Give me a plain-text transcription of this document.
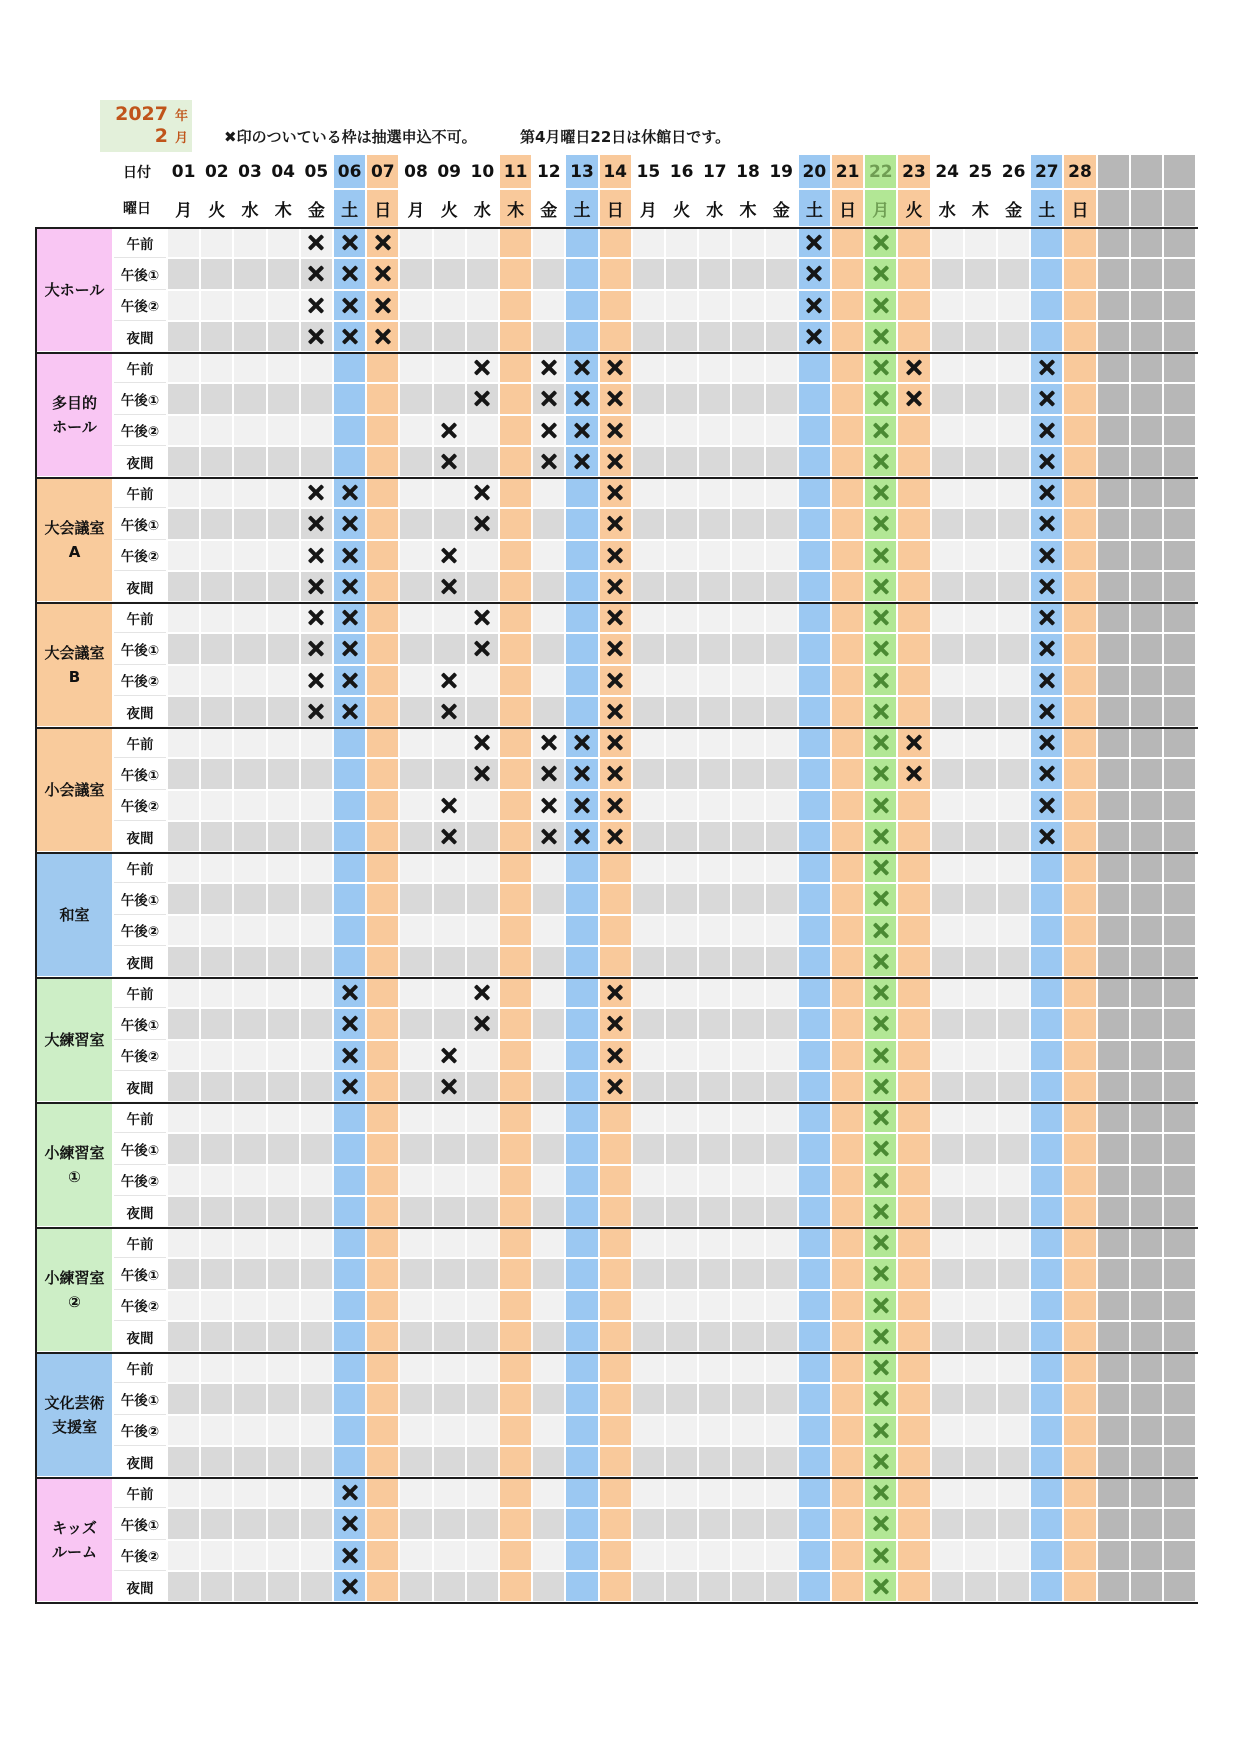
2027 年
2 月 ✖印のついている枠は抽選申込不可。	第4月曜日22日は休館日です。
日付
曜日
01
月
02
火
03
水
04
木
05
金
06
土
07
日
08
月
09
火
10
水
11
木
12
金
13
土
14
日
15
月
16
火
17
水
18
木
19
金
20
土
21
日
22
月
23
火
24
水
25
木
26
金
27
土
28
日
大ホール
午前
午後①
午後②
夜間
多目的
ホール
午前
午後①
午後②
夜間
大会議室
A
午前
午後①
午後②
夜間
大会議室
B
午前
午後①
午後②
夜間
小会議室
午前
午後①
午後②
夜間
和室
午前
午後①
午後②
夜間
大練習室
午前
午後①
午後②
夜間
小練習室
①
午前
午後①
午後②
夜間
小練習室
②
午前
午後①
午後②
夜間
文化芸術
支援室
午前
午後①
午後②
夜間
キッズ
ルーム
午前
午後①
午後②
夜間
